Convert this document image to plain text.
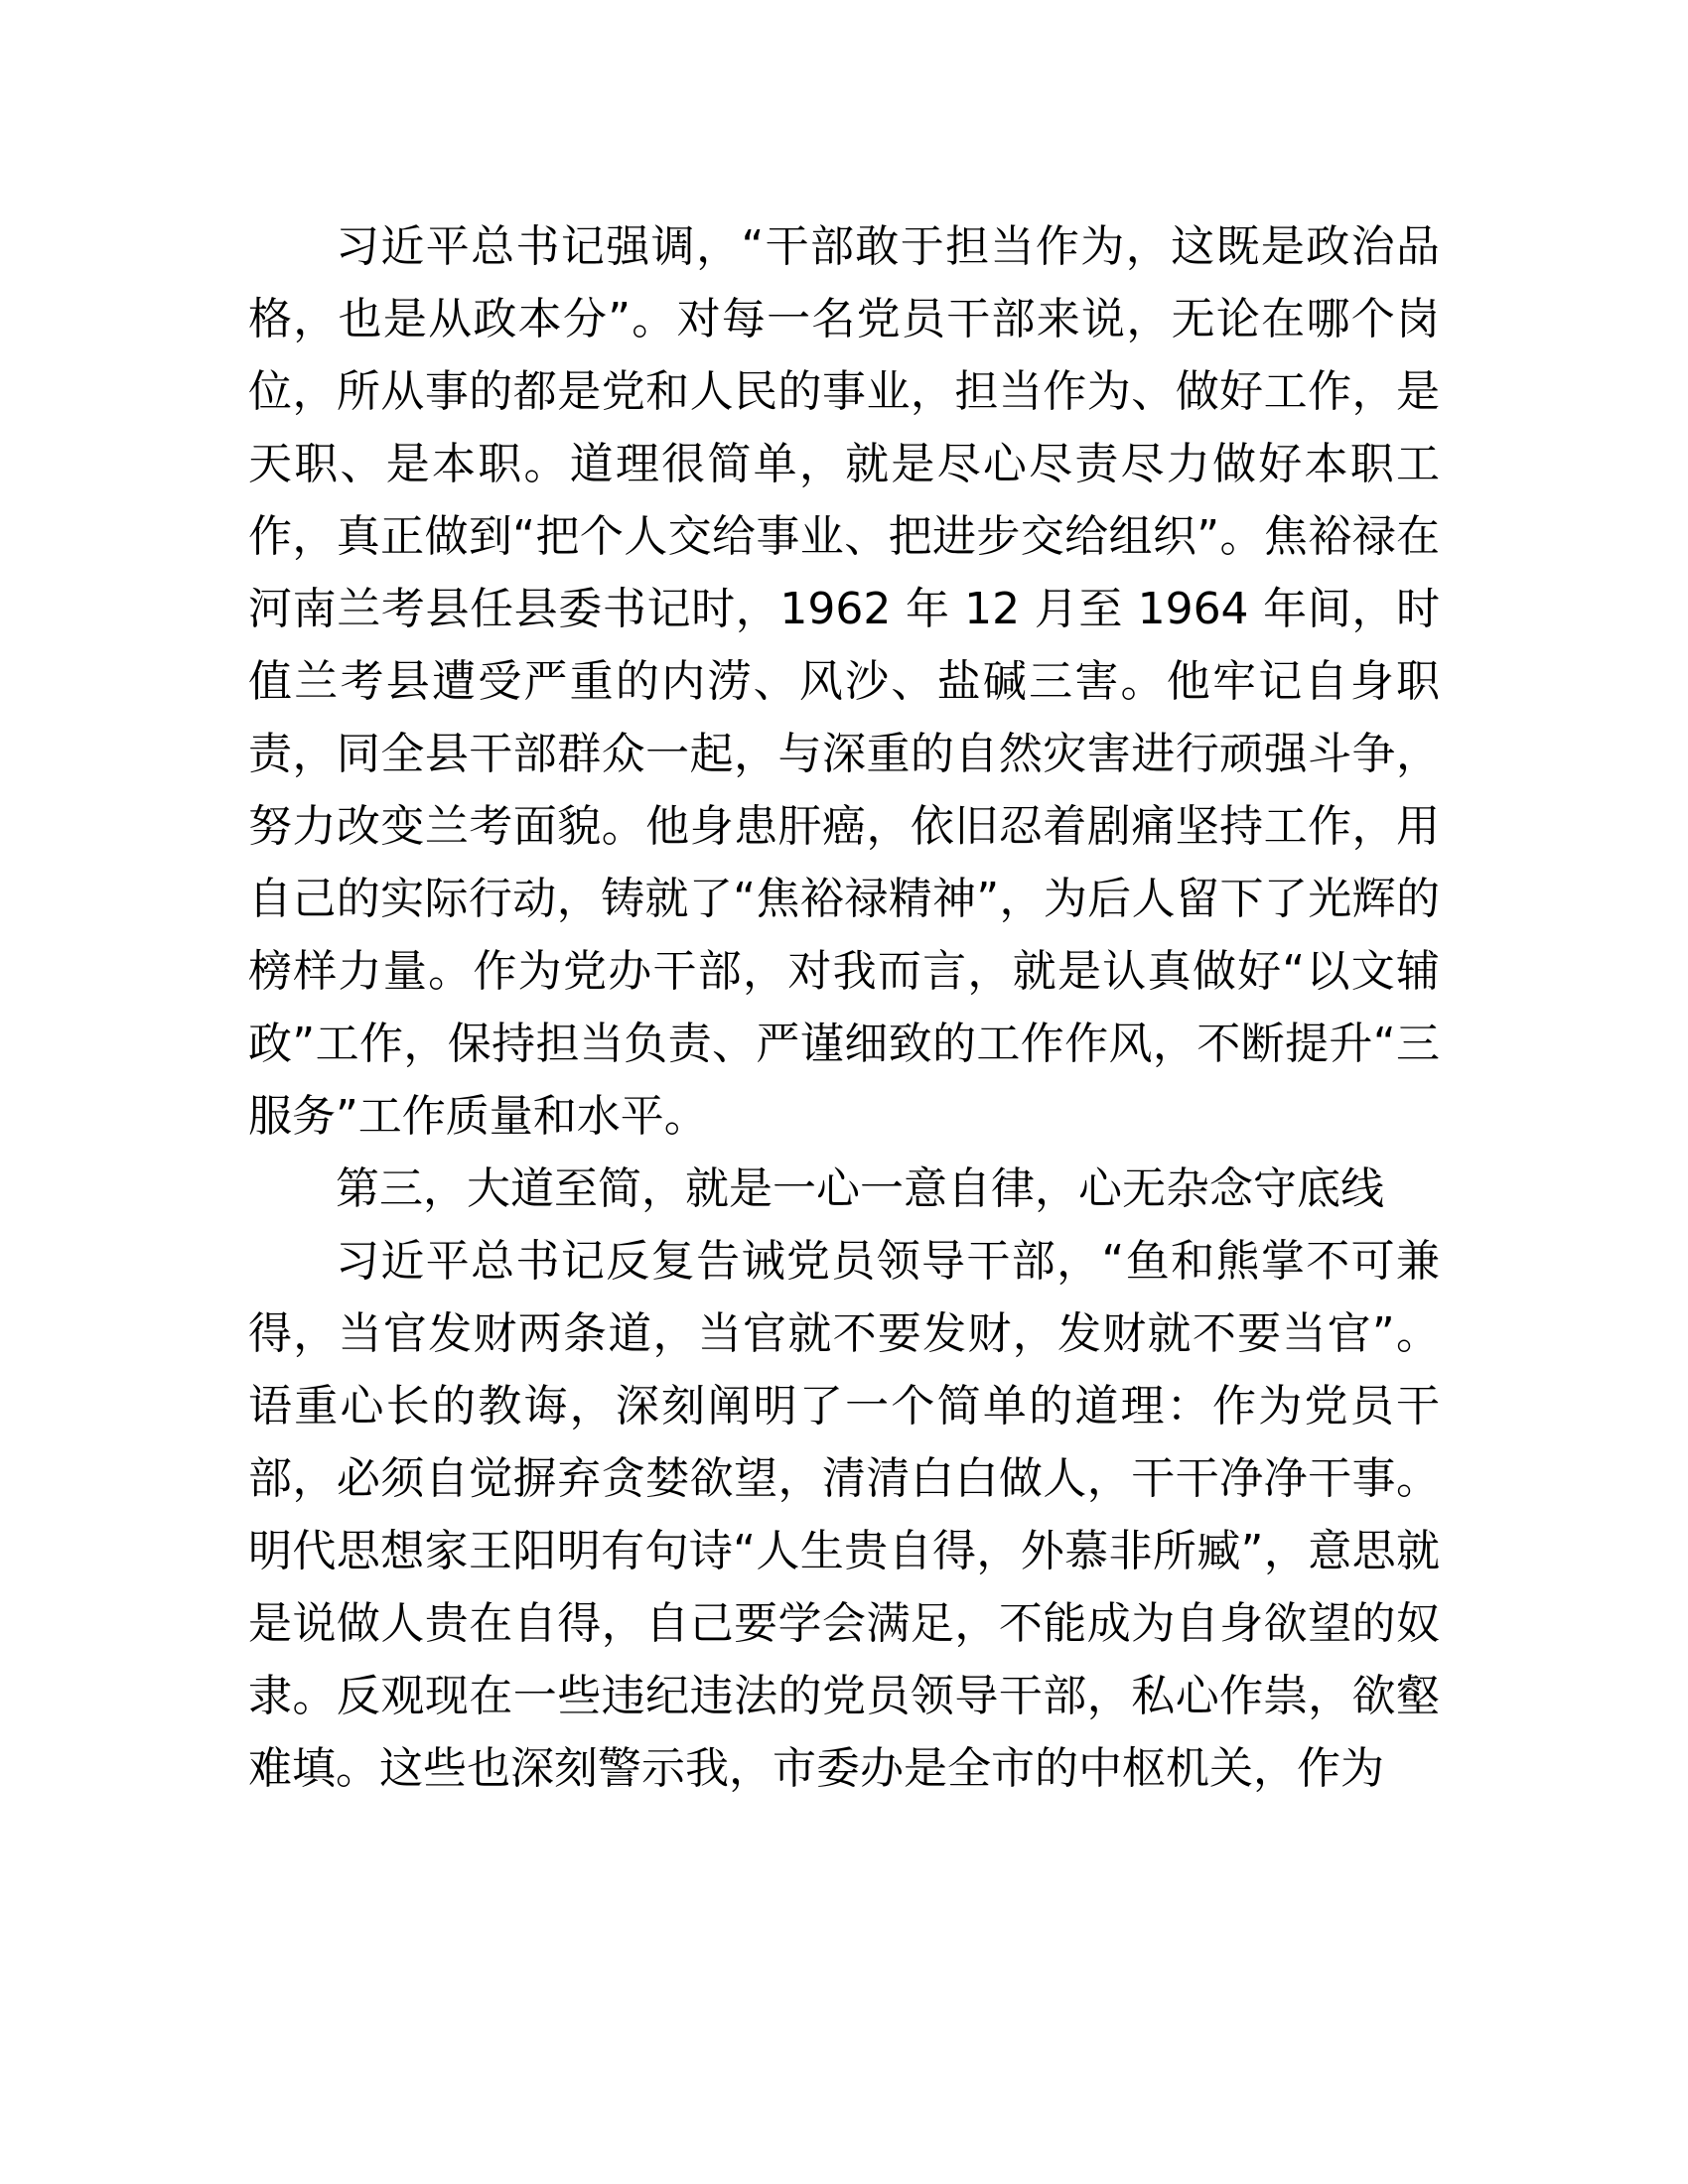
习近平总书记强调，“干部敢于担当作为，这既是政治品格，也是从政本分”。对每一名党员干部来说，无论在哪个岗位，所从事的都是党和人民的事业，担当作为、做好工作，是天职、是本职。道理很简单，就是尽心尽责尽力做好本职工作，真正做到“把个人交给事业、把进步交给组织”。焦裕禄在河南兰考县任县委书记时，1962 年 12 月至 1964 年间，时值兰考县遭受严重的内涝、风沙、盐碱三害。他牢记自身职责，同全县干部群众一起，与深重的自然灾害进行顽强斗争，努力改变兰考面貌。他身患肝癌，依旧忍着剧痛坚持工作，用自己的实际行动，铸就了“焦裕禄精神”，为后人留下了光辉的榜样力量。作为党办干部，对我而言，就是认真做好“以文辅政”工作，保持担当负责、严谨细致的工作作风，不断提升“三服务”工作质量和水平。

第三，大道至简，就是一心一意自律，心无杂念守底线

习近平总书记反复告诫党员领导干部，“鱼和熊掌不可兼得，当官发财两条道，当官就不要发财，发财就不要当官”。语重心长的教诲，深刻阐明了一个简单的道理：作为党员干部，必须自觉摒弃贪婪欲望，清清白白做人，干干净净干事。明代思想家王阳明有句诗“人生贵自得，外慕非所臧”，意思就是说做人贵在自得，自己要学会满足，不能成为自身欲望的奴隶。反观现在一些违纪违法的党员领导干部，私心作祟，欲壑难填。这些也深刻警示我，市委办是全市的中枢机关，作为
